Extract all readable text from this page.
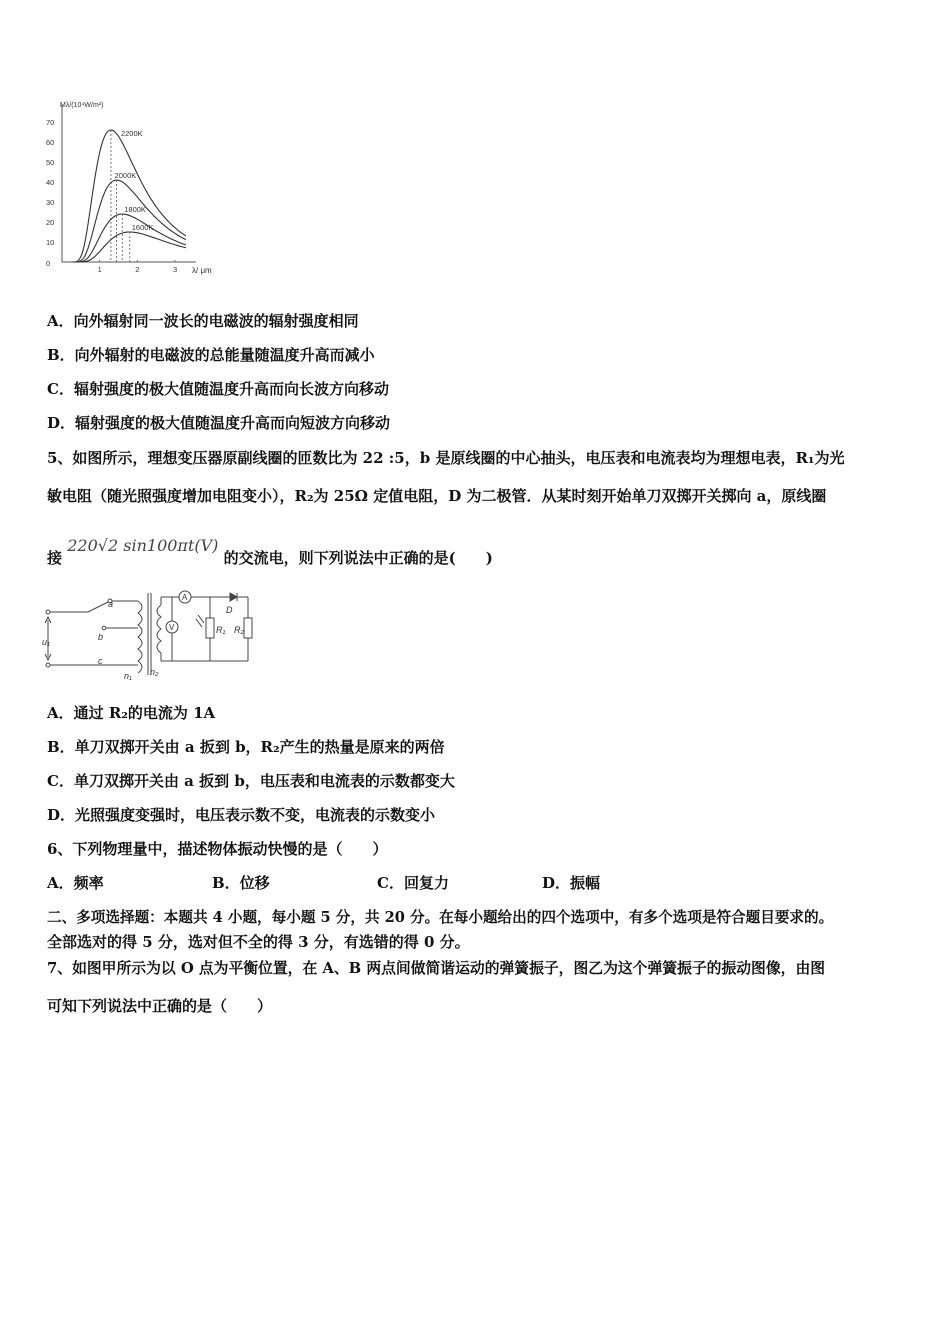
Mλ/(10⁴W/m²)
λ/ μm
0
10
20
30
40
50
60
70
1	2	3
2200K
2000K
1800K
1600K
A．向外辐射同一波长的电磁波的辐射强度相同
B．向外辐射的电磁波的总能量随温度升高而减小
C．辐射强度的极大值随温度升高而向长波方向移动
D．辐射强度的极大值随温度升高而向短波方向移动
5、如图所示，理想变压器原副线圈的匝数比为 22 :5，b 是原线圈的中心抽头，电压表和电流表均为理想电表，R₁为光
敏电阻（随光照强度增加电阻变小），R₂为 25Ω 定值电阻，D 为二极管．从某时刻开始单刀双掷开关掷向 a，原线圈
接 220√2 sin100πt(V) 的交流电，则下列说法中正确的是(　　)
a
b
c
u₁
n₁ n₂
A
V
D
R₁ R₂
A．通过 R₂的电流为 1A
B．单刀双掷开关由 a 扳到 b，R₂产生的热量是原来的两倍
C．单刀双掷开关由 a 扳到 b，电压表和电流表的示数都变大
D．光照强度变强时，电压表示数不变，电流表的示数变小
6、下列物理量中，描述物体振动快慢的是（　　）
A．频率	B．位移	C．回复力	D．振幅
二、多项选择题：本题共 4 小题，每小题 5 分，共 20 分。在每小题给出的四个选项中，有多个选项是符合题目要求的。
全部选对的得 5 分，选对但不全的得 3 分，有选错的得 0 分。
7、如图甲所示为以 O 点为平衡位置，在 A、B 两点间做简谐运动的弹簧振子，图乙为这个弹簧振子的振动图像，由图
可知下列说法中正确的是（　　）
